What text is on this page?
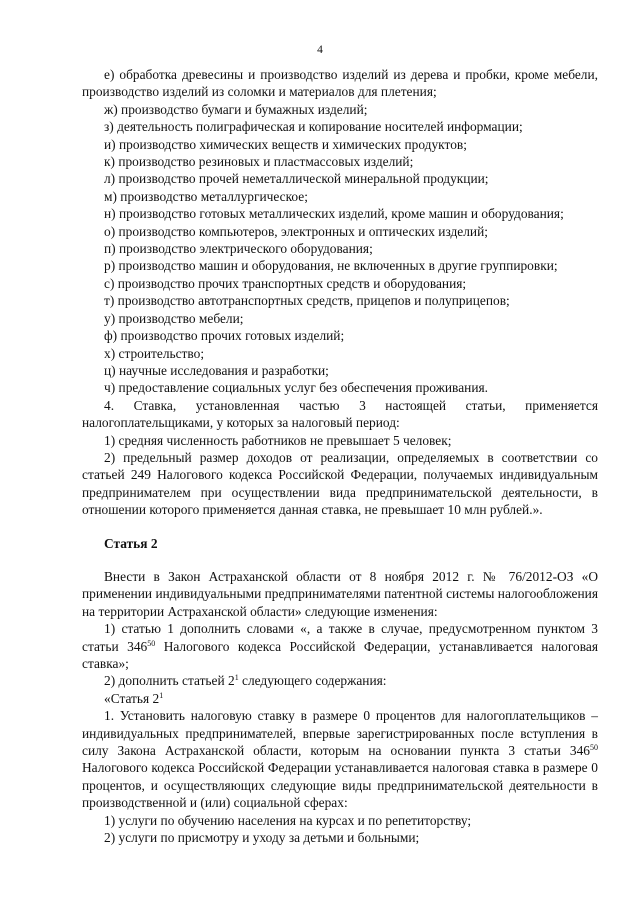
4

е) обработка древесины и производство изделий из дерева и пробки, кроме мебели, производство изделий из соломки и материалов для плетения;

ж) производство бумаги и бумажных изделий;

з) деятельность полиграфическая и копирование носителей информации;

и) производство химических веществ и химических продуктов;

к) производство резиновых и пластмассовых изделий;

л) производство прочей неметаллической минеральной продукции;

м) производство металлургическое;

н) производство готовых металлических изделий, кроме машин и оборудования;

о) производство компьютеров, электронных и оптических изделий;

п) производство электрического оборудования;

р) производство машин и оборудования, не включенных в другие группировки;

с) производство прочих транспортных средств и оборудования;

т) производство автотранспортных средств, прицепов и полуприцепов;

у) производство мебели;

ф) производство прочих готовых изделий;

х) строительство;

ц) научные исследования и разработки;

ч) предоставление социальных услуг без обеспечения проживания.

4. Ставка, установленная частью 3 настоящей статьи, применяется налогоплательщиками, у которых за налоговый период:

1) средняя численность работников не превышает 5 человек;

2) предельный размер доходов от реализации, определяемых в соответствии со статьей 249 Налогового кодекса Российской Федерации, получаемых индивидуальным предпринимателем при осуществлении вида предпринимательской деятельности, в отношении которого применяется данная ставка, не превышает 10 млн рублей.».

Статья 2

Внести в Закон Астраханской области от 8 ноября 2012 г. № 76/2012-ОЗ «О применении индивидуальными предпринимателями патентной системы налогообложения на территории Астраханской области» следующие изменения:

1) статью 1 дополнить словами «, а также в случае, предусмотренном пунктом 3 статьи $346^{50}$ Налогового кодекса Российской Федерации, устанавливается налоговая ставка»;

2) дополнить статьей $2^1$ следующего содержания:

«Статья $2^1$

1. Установить налоговую ставку в размере 0 процентов для налогоплательщиков – индивидуальных предпринимателей, впервые зарегистрированных после вступления в силу Закона Астраханской области, которым на основании пункта 3 статьи $346^{50}$ Налогового кодекса Российской Федерации устанавливается налоговая ставка в размере 0 процентов, и осуществляющих следующие виды предпринимательской деятельности в производственной и (или) социальной сферах:

1) услуги по обучению населения на курсах и по репетиторству;

2) услуги по присмотру и уходу за детьми и больными;
